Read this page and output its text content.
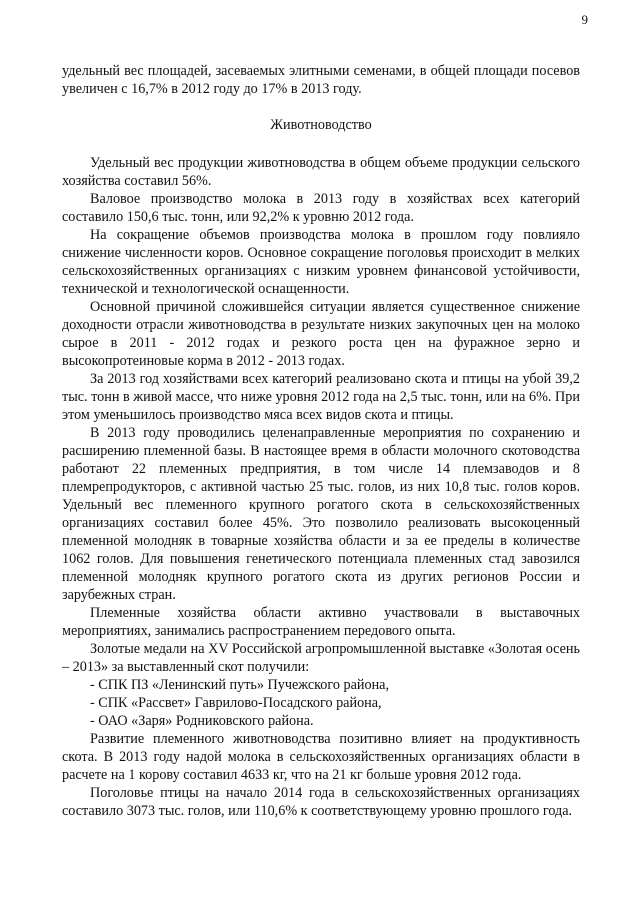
9

удельный вес площадей, засеваемых элитными семенами, в общей площади посевов увеличен с 16,7% в 2012 году до 17% в 2013 году.

Животноводство

Удельный вес продукции животноводства в общем объеме продукции сельского хозяйства составил 56%.

Валовое производство молока в 2013 году в хозяйствах всех категорий составило 150,6 тыс. тонн, или 92,2% к уровню 2012 года.

На сокращение объемов производства молока в прошлом году повлияло снижение численности коров. Основное сокращение поголовья происходит в мелких сельскохозяйственных организациях с низким уровнем финансовой устойчивости, технической и технологической оснащенности.

Основной причиной сложившейся ситуации является существенное снижение доходности отрасли животноводства в результате низких закупочных цен на молоко сырое в 2011 - 2012 годах и резкого роста цен на фуражное зерно и высокопротеиновые корма в 2012 - 2013 годах.

За 2013 год хозяйствами всех категорий реализовано скота и птицы на убой 39,2 тыс. тонн в живой массе, что ниже уровня 2012 года на 2,5 тыс. тонн, или на 6%. При этом уменьшилось производство мяса всех видов скота и птицы.

В 2013 году проводились целенаправленные мероприятия по сохранению и расширению племенной базы. В настоящее время в области молочного скотоводства работают 22 племенных предприятия, в том числе 14 племзаводов и 8 племрепродукторов, с активной частью 25 тыс. голов, из них 10,8 тыс. голов коров. Удельный вес племенного крупного рогатого скота в сельскохозяйственных организациях составил более 45%. Это позволило реализовать высокоценный племенной молодняк в товарные хозяйства области и за ее пределы в количестве 1062 голов. Для повышения генетического потенциала племенных стад завозился племенной молодняк крупного рогатого скота из других регионов России и зарубежных стран.

Племенные хозяйства области активно участвовали в выставочных мероприятиях, занимались распространением передового опыта.

Золотые медали на XV Российской агропромышленной выставке «Золотая осень – 2013» за выставленный скот получили:

- СПК ПЗ «Ленинский путь» Пучежского района,

- СПК «Рассвет» Гаврилово-Посадского района,

- ОАО «Заря» Родниковского района.

Развитие племенного животноводства позитивно влияет на продуктивность скота. В 2013 году надой молока в сельскохозяйственных организациях области в расчете на 1 корову составил 4633 кг, что на 21 кг больше уровня 2012 года.

Поголовье птицы на начало 2014 года в сельскохозяйственных организациях составило 3073 тыс. голов, или 110,6% к соответствующему уровню прошлого года.
